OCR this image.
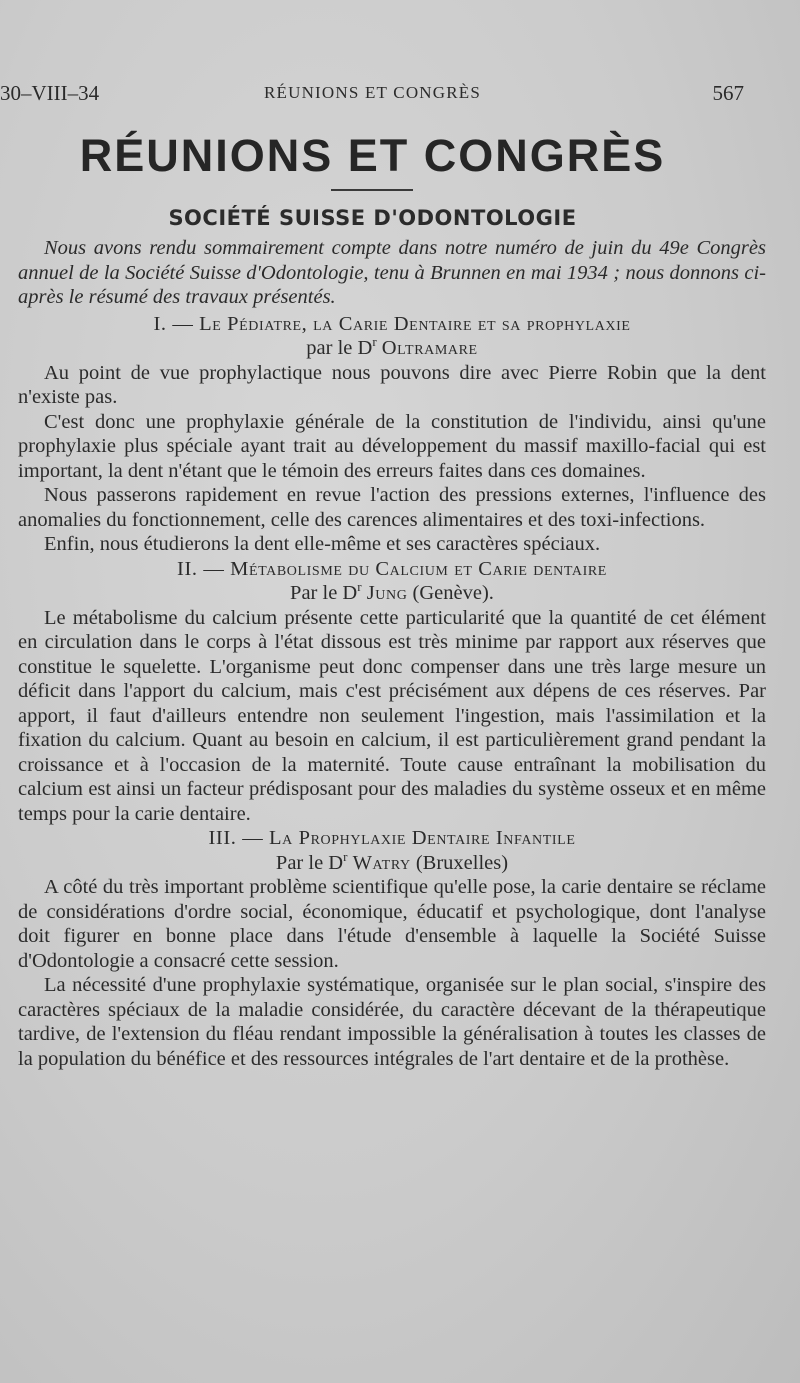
30–VIII–34	RÉUNIONS ET CONGRÈS	567
RÉUNIONS ET CONGRÈS
SOCIÉTÉ SUISSE D'ODONTOLOGIE

Nous avons rendu sommairement compte dans notre numéro de juin du 49e Congrès annuel de la Société Suisse d'Odontologie, tenu à Brunnen en mai 1934 ; nous donnons ci-après le résumé des travaux présentés.

I. — Le Pédiatre, la Carie Dentaire et sa prophylaxie

par le $D^r$ Oltramare

Au point de vue prophylactique nous pouvons dire avec Pierre Robin que la dent n'existe pas.

C'est donc une prophylaxie générale de la constitution de l'individu, ainsi qu'une prophylaxie plus spéciale ayant trait au développement du massif maxillo-facial qui est important, la dent n'étant que le témoin des erreurs faites dans ces domaines.

Nous passerons rapidement en revue l'action des pressions externes, l'influence des anomalies du fonctionnement, celle des carences alimentaires et des toxi-infections.

Enfin, nous étudierons la dent elle-même et ses caractères spéciaux.

II. — Métabolisme du Calcium et Carie dentaire

Par le $D^r$ Jung (Genève).

Le métabolisme du calcium présente cette particularité que la quantité de cet élément en circulation dans le corps à l'état dissous est très minime par rapport aux réserves que constitue le squelette. L'organisme peut donc compenser dans une très large mesure un déficit dans l'apport du calcium, mais c'est précisément aux dépens de ces réserves. Par apport, il faut d'ailleurs entendre non seulement l'ingestion, mais l'assimilation et la fixation du calcium. Quant au besoin en calcium, il est particulièrement grand pendant la croissance et à l'occasion de la maternité. Toute cause entraînant la mobilisation du calcium est ainsi un facteur prédisposant pour des maladies du système osseux et en même temps pour la carie dentaire.

III. — La Prophylaxie Dentaire Infantile

Par le $D^r$ Watry (Bruxelles)

A côté du très important problème scientifique qu'elle pose, la carie dentaire se réclame de considérations d'ordre social, économique, éducatif et psychologique, dont l'analyse doit figurer en bonne place dans l'étude d'ensemble à laquelle la Société Suisse d'Odontologie a consacré cette session.

La nécessité d'une prophylaxie systématique, organisée sur le plan social, s'inspire des caractères spéciaux de la maladie considérée, du caractère décevant de la thérapeutique tardive, de l'extension du fléau rendant impossible la généralisation à toutes les classes de la population du bénéfice et des ressources intégrales de l'art dentaire et de la prothèse.
